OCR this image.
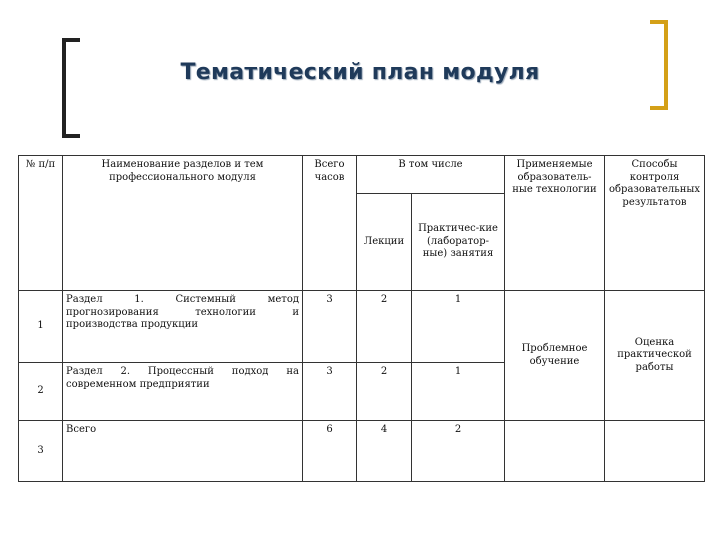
Тематический план модуля
№ п/п	Наименование разделов и тем профессионального модуля	Всего часов	В том числе		Применяемые образователь-ные технологии	Способы контроля образовательных результатов
			Лекции	Практичес-кие (лаборатор-ные) занятия		
1	Раздел 1. Системный метод прогнозирования технологии и производства продукции	3	2	1	Проблемное обучение	Оценка практической работы
2	Раздел 2. Процессный подход на современном предприятии	3	2	1		
3	Всего	6	4	2		
